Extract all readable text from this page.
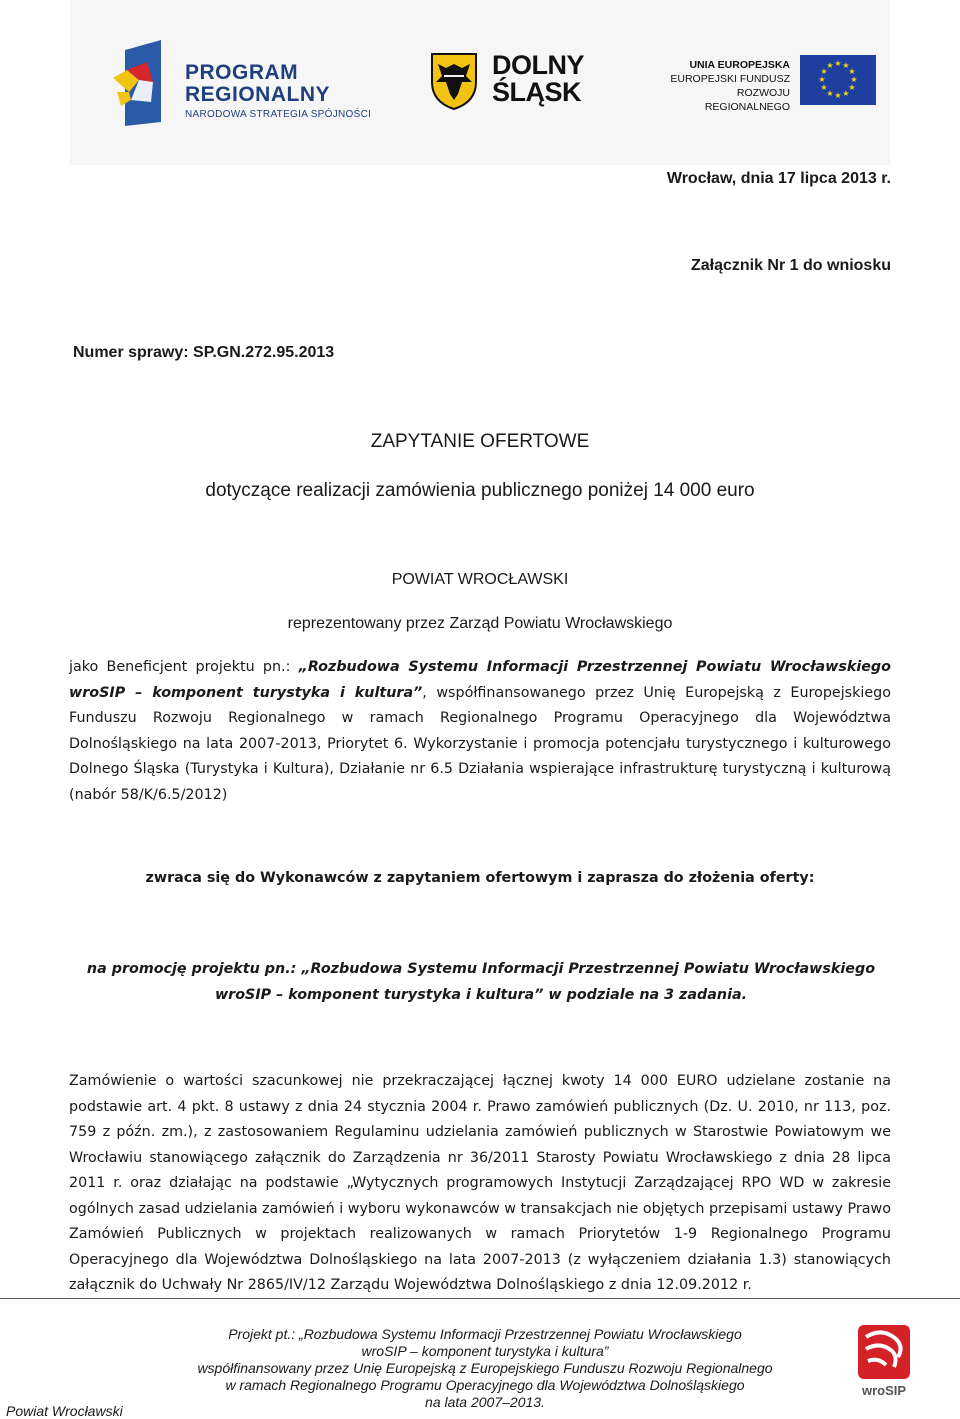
PROGRAM
REGIONALNY
NARODOWA STRATEGIA SPÓJNOŚCI
DOLNY
ŚLĄSK
UNIA EUROPEJSKA
EUROPEJSKI FUNDUSZ
ROZWOJU REGIONALNEGO
★ ★
★
★
★
★
★
★
★
★
★
★

Wrocław, dnia 17 lipca 2013 r.

Załącznik Nr 1 do wniosku

Numer sprawy: SP.GN.272.95.2013

ZAPYTANIE OFERTOWE

dotyczące realizacji zamówienia publicznego poniżej 14 000 euro

POWIAT WROCŁAWSKI

reprezentowany przez Zarząd Powiatu Wrocławskiego

jako Beneficjent projektu pn.: „Rozbudowa Systemu Informacji Przestrzennej Powiatu Wrocławskiego wroSIP – komponent turystyka i kultura”, współfinansowanego przez Unię Europejską z Europejskiego Funduszu Rozwoju Regionalnego w ramach Regionalnego Programu Operacyjnego dla Województwa Dolnośląskiego na lata 2007-2013, Priorytet 6. Wykorzystanie i promocja potencjału turystycznego i kulturowego Dolnego Śląska (Turystyka i Kultura), Działanie nr 6.5 Działania wspierające infrastrukturę turystyczną i kulturową (nabór 58/K/6.5/2012)

zwraca się do Wykonawców z zapytaniem ofertowym i zaprasza do złożenia oferty:

na promocję projektu pn.: „Rozbudowa Systemu Informacji Przestrzennej Powiatu Wrocławskiego wroSIP – komponent turystyka i kultura” w podziale na 3 zadania.

Zamówienie o wartości szacunkowej nie przekraczającej łącznej kwoty 14 000 EURO udzielane zostanie na podstawie art. 4 pkt. 8 ustawy z dnia 24 stycznia 2004 r. Prawo zamówień publicznych (Dz. U. 2010, nr 113, poz. 759 z późn. zm.), z zastosowaniem Regulaminu udzielania zamówień publicznych w Starostwie Powiatowym we Wrocławiu stanowiącego załącznik do Zarządzenia nr 36/2011 Starosty Powiatu Wrocławskiego z dnia 28 lipca 2011 r. oraz działając na podstawie „Wytycznych programowych Instytucji Zarządzającej RPO WD w zakresie ogólnych zasad udzielania zamówień i wyboru wykonawców w transakcjach nie objętych przepisami ustawy Prawo Zamówień Publicznych w projektach realizowanych w ramach Priorytetów 1-9 Regionalnego Programu Operacyjnego dla Województwa Dolnośląskiego na lata 2007-2013 (z wyłączeniem działania 1.3) stanowiących załącznik do Uchwały Nr 2865/IV/12 Zarządu Województwa Dolnośląskiego z dnia 12.09.2012 r.

Powiat Wrocławski

Projekt pt.: „Rozbudowa Systemu Informacji Przestrzennej Powiatu Wrocławskiego
wroSIP – komponent turystyka i kultura”
współfinansowany przez Unię Europejską z Europejskiego Funduszu Rozwoju Regionalnego
w ramach Regionalnego Programu Operacyjnego dla Województwa Dolnośląskiego
na lata 2007–2013.
wroSIP
